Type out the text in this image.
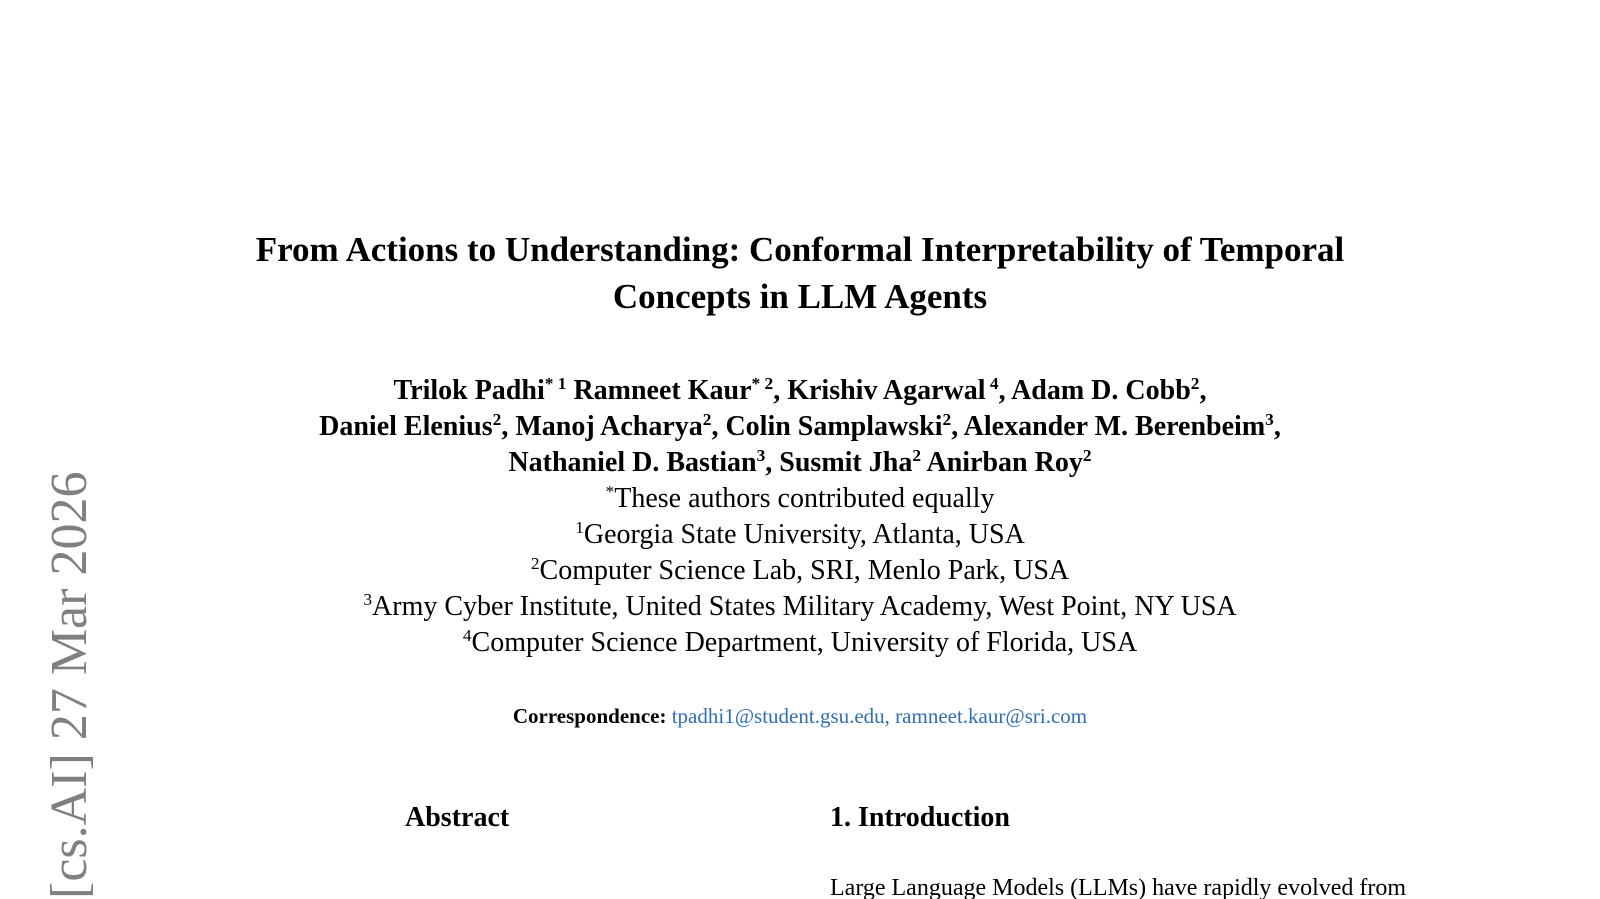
From Actions to Understanding: Conformal Interpretability of Temporal
Concepts in LLM Agents
Trilok Padhi$^{* 1}$ Ramneet Kaur$^{* 2}$, Krishiv Agarwal $^4$, Adam D. Cobb$^2$,
Daniel Elenius$^2$, Manoj Acharya$^2$, Colin Samplawski$^2$, Alexander M. Berenbeim$^3$,
Nathaniel D. Bastian$^3$, Susmit Jha$^2$ Anirban Roy$^2$
*These authors contributed equally
$^1$Georgia State University, Atlanta, USA
$^2$Computer Science Lab, SRI, Menlo Park, USA
$^3$Army Cyber Institute, United States Military Academy, West Point, NY USA
$^4$Computer Science Department, University of Florida, USA
Correspondence: tpadhi1@student.gsu.edu, ramneet.kaur@sri.com
Abstract	1. Introduction
Large Language Models (LLMs) have rapidly evolved from
[cs.AI] 27 Mar 2026
